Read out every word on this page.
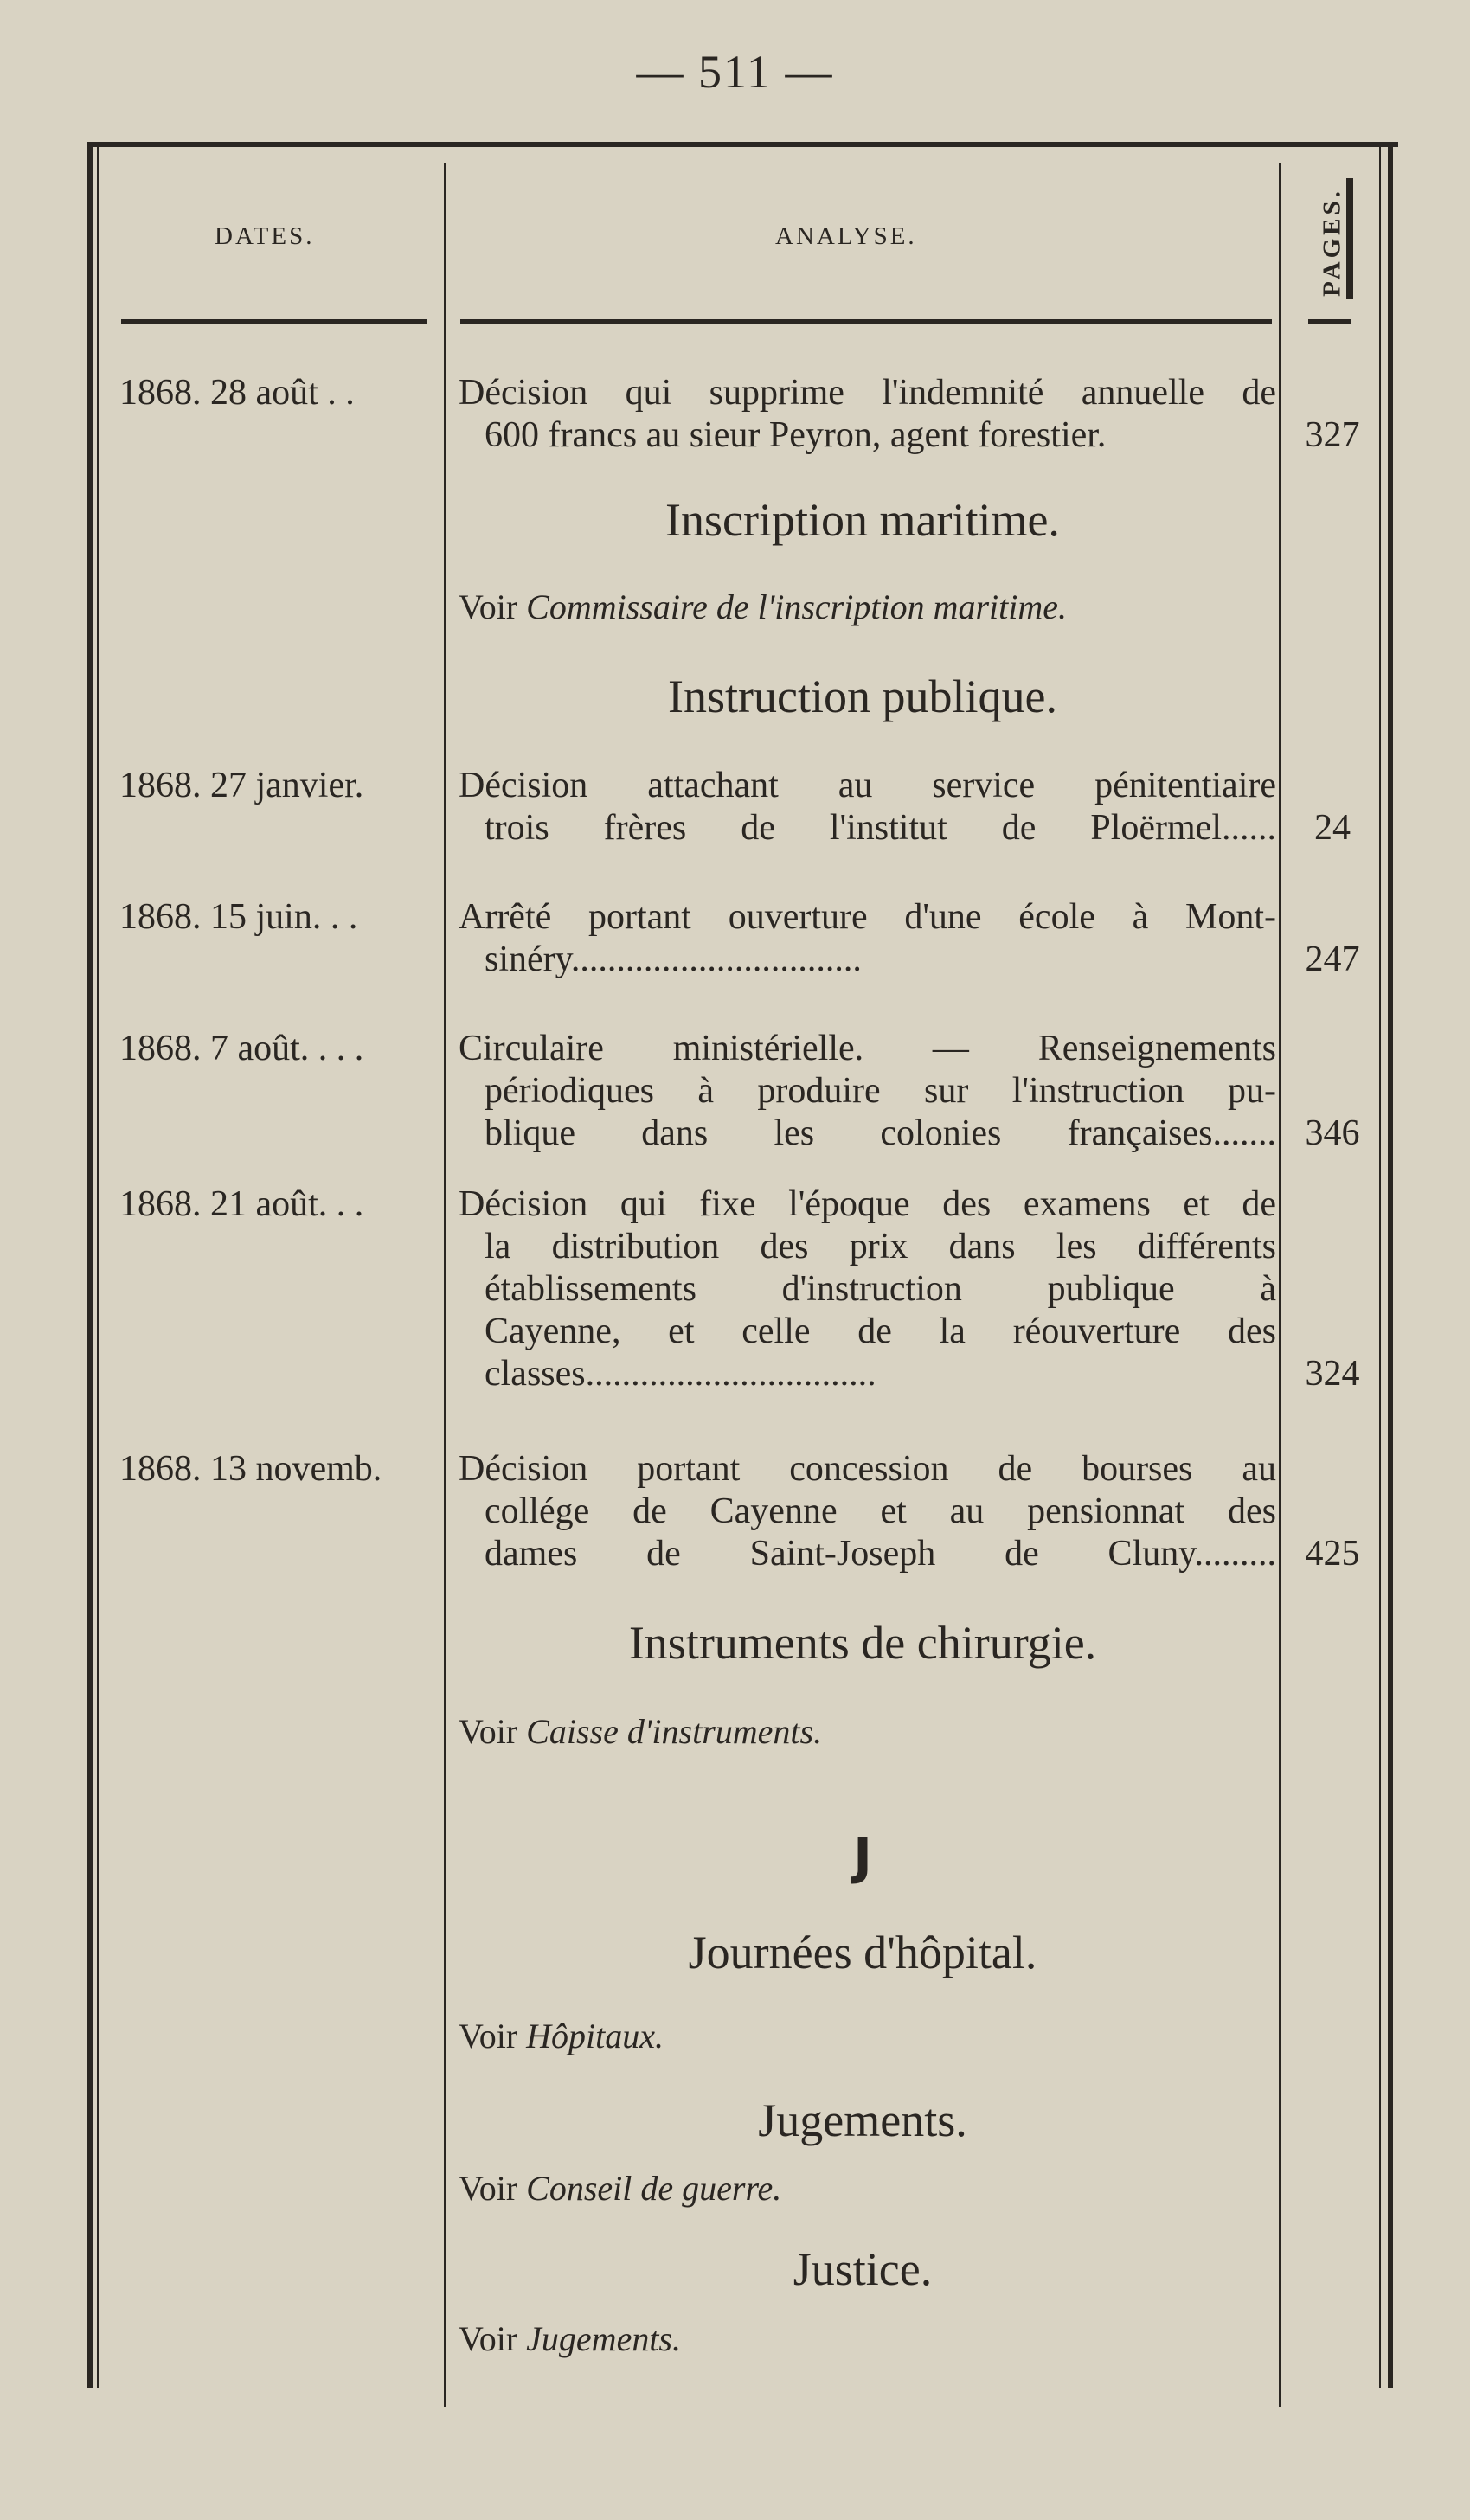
— 511 —
DATES.	ANALYSE.	PAGES.
1868. 28 août . .	Décision qui supprime l'indemnité annuelle de
600 francs au sieur Peyron, agent forestier.	327
Inscription maritime.
Voir Commissaire de l'inscription maritime.
Instruction publique.
1868. 27 janvier.	Décision attachant au service pénitentiaire
trois frères de l'institut de Ploërmel......	24
1868. 15 juin. . .	Arrêté portant ouverture d'une école à Mont-
sinéry................................	247
1868. 7 août. . . .	Circulaire ministérielle. — Renseignements
périodiques à produire sur l'instruction pu-
blique dans les colonies françaises....... 346
1868. 21 août. . .	Décision qui fixe l'époque des examens et de
la distribution des prix dans les différents
établissements d'instruction publique à
Cayenne, et celle de la réouverture des
classes................................	324
1868. 13 novemb. Décision portant concession de bourses au
collége de Cayenne et au pensionnat des
dames de Saint-Joseph de Cluny......... 425
Instruments de chirurgie.
Voir Caisse d'instruments.
J
Journées d'hôpital.
Voir Hôpitaux.
Jugements.
Voir Conseil de guerre.
Justice.
Voir Jugements.
